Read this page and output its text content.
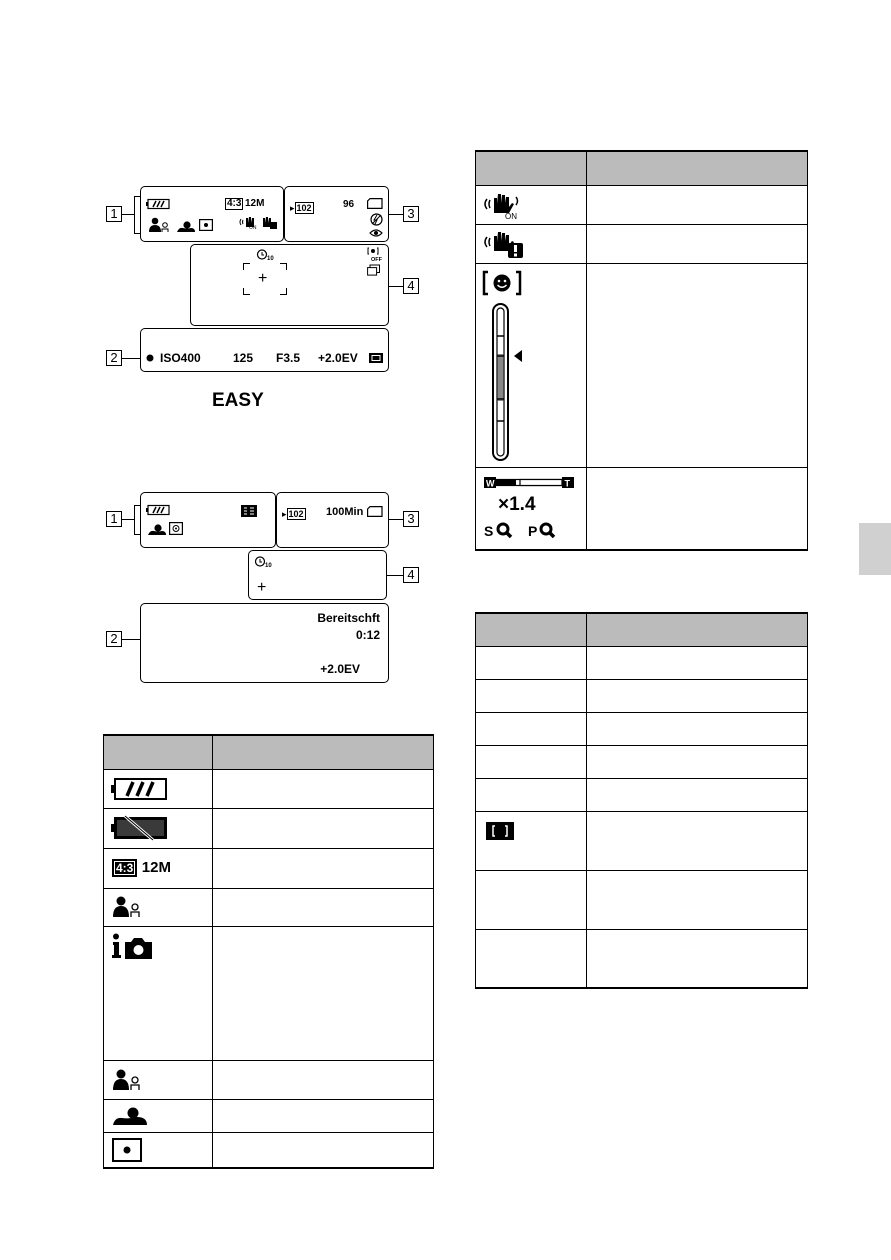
1
2
3
4
4:3 12M
ON
▸ 102	96
10
+
OFF
ISO400	125 F3.5 +2.0EV
EASY
1
2
3
4
▸ 102 100Min
10
+
Bereitschft
0:12
+2.0EV

4:3 12M	

ON	

W T
×1.4
S P	
